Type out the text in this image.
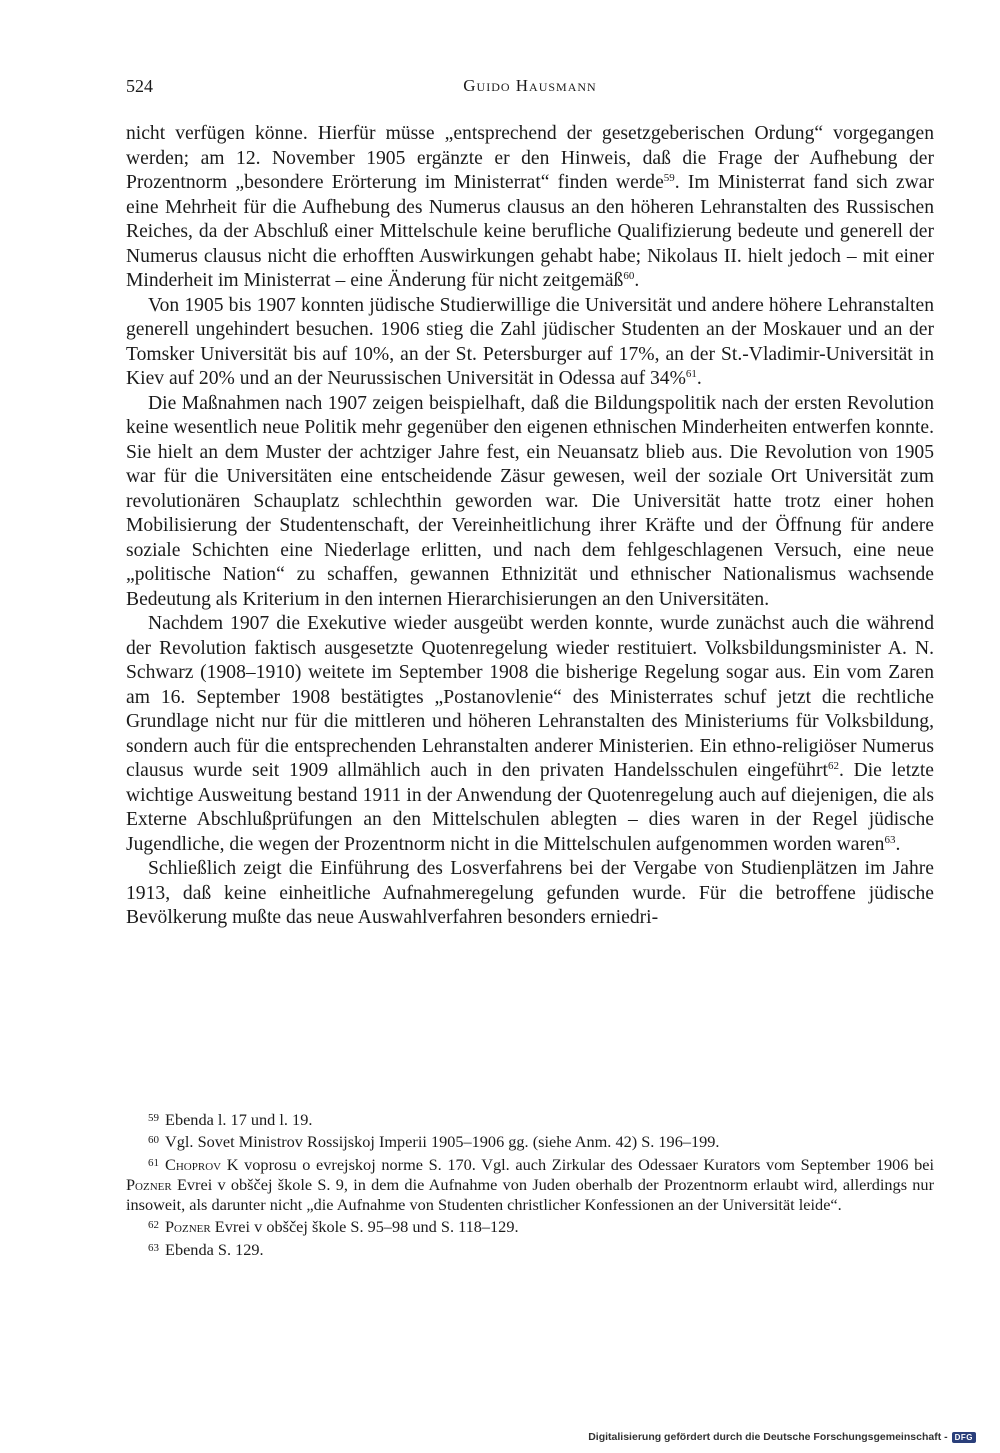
524	Guido Hausmann

nicht verfügen könne. Hierfür müsse „entsprechend der gesetzgeberischen Ordung“ vorgegangen werden; am 12. November 1905 ergänzte er den Hinweis, daß die Frage der Aufhebung der Prozentnorm „besondere Erörterung im Ministerrat“ finden werde$^{59}$. Im Ministerrat fand sich zwar eine Mehrheit für die Aufhebung des Numerus clausus an den höheren Lehranstalten des Russischen Reiches, da der Abschluß einer Mittelschule keine berufliche Qualifizierung bedeute und generell der Numerus clausus nicht die erhofften Auswirkungen gehabt habe; Nikolaus II. hielt jedoch – mit einer Minderheit im Ministerrat – eine Änderung für nicht zeitgemäß$^{60}$.

Von 1905 bis 1907 konnten jüdische Studierwillige die Universität und andere höhere Lehranstalten generell ungehindert besuchen. 1906 stieg die Zahl jüdischer Studenten an der Moskauer und an der Tomsker Universität bis auf 10%, an der St. Petersburger auf 17%, an der St.-Vladimir-Universität in Kiev auf 20% und an der Neurussischen Universität in Odessa auf 34%$^{61}$.

Die Maßnahmen nach 1907 zeigen beispielhaft, daß die Bildungspolitik nach der ersten Revolution keine wesentlich neue Politik mehr gegenüber den eigenen ethnischen Minderheiten entwerfen konnte. Sie hielt an dem Muster der achtziger Jahre fest, ein Neuansatz blieb aus. Die Revolution von 1905 war für die Universitäten eine entscheidende Zäsur gewesen, weil der soziale Ort Universität zum revolutionären Schauplatz schlechthin geworden war. Die Universität hatte trotz einer hohen Mobilisierung der Studentenschaft, der Vereinheitlichung ihrer Kräfte und der Öffnung für andere soziale Schichten eine Niederlage erlitten, und nach dem fehlgeschlagenen Versuch, eine neue „politische Nation“ zu schaffen, gewannen Ethnizität und ethnischer Nationalismus wachsende Bedeutung als Kriterium in den internen Hierarchisierungen an den Universitäten.

Nachdem 1907 die Exekutive wieder ausgeübt werden konnte, wurde zunächst auch die während der Revolution faktisch ausgesetzte Quotenregelung wieder restituiert. Volksbildungsminister A. N. Schwarz (1908–1910) weitete im September 1908 die bisherige Regelung sogar aus. Ein vom Zaren am 16. September 1908 bestätigtes „Postanovlenie“ des Ministerrates schuf jetzt die rechtliche Grundlage nicht nur für die mittleren und höheren Lehranstalten des Ministeriums für Volksbildung, sondern auch für die entsprechenden Lehranstalten anderer Ministerien. Ein ethno-religiöser Numerus clausus wurde seit 1909 allmählich auch in den privaten Handelsschulen eingeführt$^{62}$. Die letzte wichtige Ausweitung bestand 1911 in der Anwendung der Quotenregelung auch auf diejenigen, die als Externe Abschlußprüfungen an den Mittelschulen ablegten – dies waren in der Regel jüdische Jugendliche, die wegen der Prozentnorm nicht in die Mittelschulen aufgenommen worden waren$^{63}$.

Schließlich zeigt die Einführung des Losverfahrens bei der Vergabe von Studienplätzen im Jahre 1913, daß keine einheitliche Aufnahmeregelung gefunden wurde. Für die betroffene jüdische Bevölkerung mußte das neue Auswahlverfahren besonders erniedri-

$^{59}$ Ebenda l. 17 und l. 19.

$^{60}$ Vgl. Sovet Ministrov Rossijskoj Imperii 1905–1906 gg. (siehe Anm. 42) S. 196–199.

$^{61}$ Choprov K voprosu o evrejskoj norme S. 170. Vgl. auch Zirkular des Odessaer Kurators vom September 1906 bei Pozner Evrei v obščej škole S. 9, in dem die Aufnahme von Juden oberhalb der Prozentnorm erlaubt wird, allerdings nur insoweit, als darunter nicht „die Aufnahme von Studenten christlicher Konfessionen an der Universität leide“.

$^{62}$ Pozner Evrei v obščej škole S. 95–98 und S. 118–129.

$^{63}$ Ebenda S. 129.

Digitalisierung gefördert durch die Deutsche Forschungsgemeinschaft - DFG
